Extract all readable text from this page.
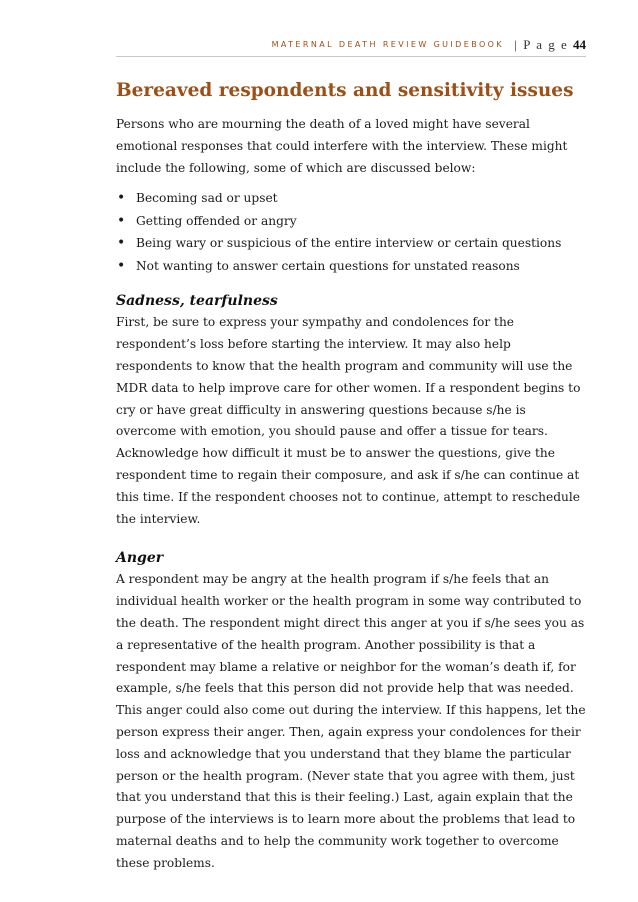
MATERNAL DEATH REVIEW GUIDEBOOK | P a g e 44
Bereaved respondents and sensitivity issues

Persons who are mourning the death of a loved might have several emotional responses that could interfere with the interview. These might include the following, some of which are discussed below:

• Becoming sad or upset
• Getting offended or angry
• Being wary or suspicious of the entire interview or certain questions
• Not wanting to answer certain questions for unstated reasons
Sadness, tearfulness

First, be sure to express your sympathy and condolences for the respondent’s loss before starting the interview. It may also help respondents to know that the health program and community will use the MDR data to help improve care for other women. If a respondent begins to cry or have great difficulty in answering questions because s/he is overcome with emotion, you should pause and offer a tissue for tears. Acknowledge how difficult it must be to answer the questions, give the respondent time to regain their composure, and ask if s/he can continue at this time. If the respondent chooses not to continue, attempt to reschedule the interview.

Anger

A respondent may be angry at the health program if s/he feels that an individual health worker or the health program in some way contributed to the death. The respondent might direct this anger at you if s/he sees you as a representative of the health program. Another possibility is that a respondent may blame a relative or neighbor for the woman’s death if, for example, s/he feels that this person did not provide help that was needed. This anger could also come out during the interview. If this happens, let the person express their anger. Then, again express your condolences for their loss and acknowledge that you understand that they blame the particular person or the health program. (Never state that you agree with them, just that you understand that this is their feeling.) Last, again explain that the purpose of the interviews is to learn more about the problems that lead to maternal deaths and to help the community work together to overcome these problems.
